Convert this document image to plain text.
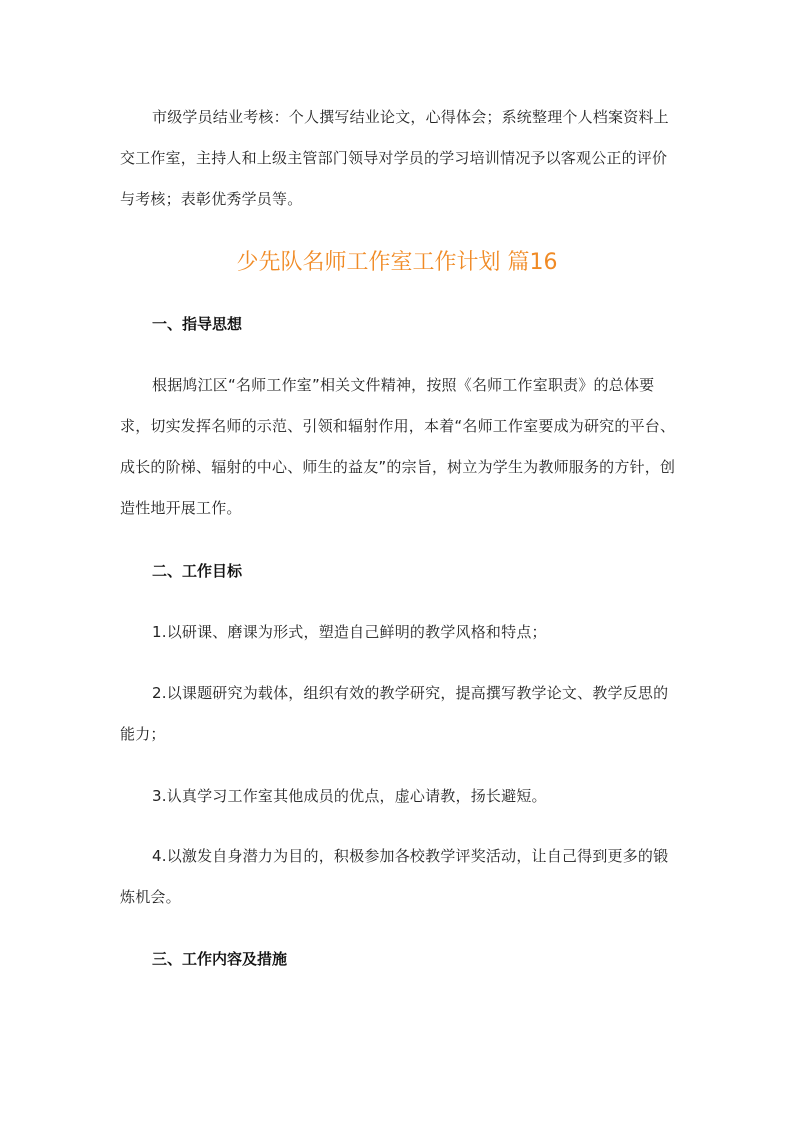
市级学员结业考核：个人撰写结业论文，心得体会；系统整理个人档案资料上交工作室，主持人和上级主管部门领导对学员的学习培训情况予以客观公正的评价与考核；表彰优秀学员等。

少先队名师工作室工作计划 篇16
一、指导思想

根据鸠江区“名师工作室”相关文件精神，按照《名师工作室职责》的总体要求，切实发挥名师的示范、引领和辐射作用，本着“名师工作室要成为研究的平台、成长的阶梯、辐射的中心、师生的益友”的宗旨，树立为学生为教师服务的方针，创造性地开展工作。

二、工作目标

1.以研课、磨课为形式，塑造自己鲜明的教学风格和特点；

2.以课题研究为载体，组织有效的教学研究，提高撰写教学论文、教学反思的能力；

3.认真学习工作室其他成员的优点，虚心请教，扬长避短。

4.以激发自身潜力为目的，积极参加各校教学评奖活动，让自己得到更多的锻炼机会。

三、工作内容及措施
